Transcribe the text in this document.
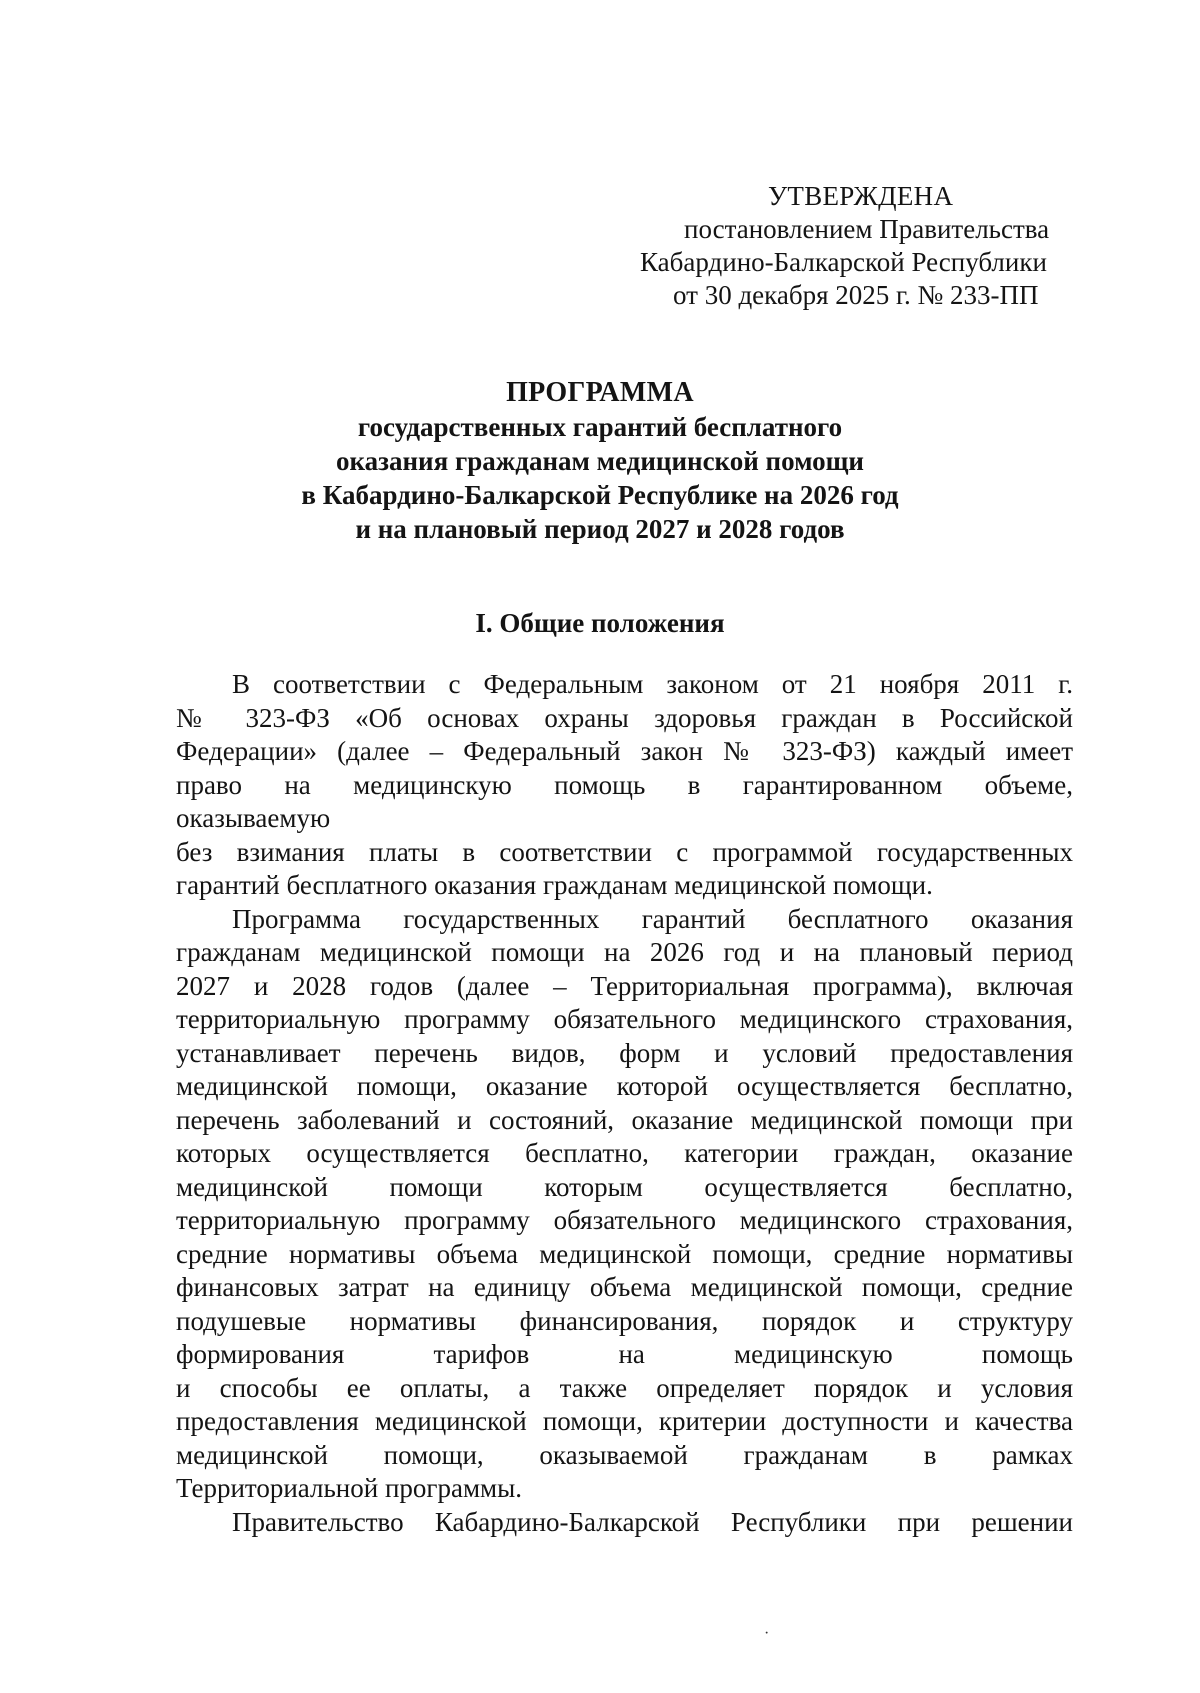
УТВЕРЖДЕНА
постановлением Правительства
Кабардино-Балкарской Республики
от 30 декабря 2025 г. № 233-ПП
ПРОГРАММА
государственных гарантий бесплатного
оказания гражданам медицинской помощи
в Кабардино-Балкарской Республике на 2026 год
и на плановый период 2027 и 2028 годов
I. Общие положения
В соответствии с Федеральным законом от 21 ноября 2011 г.
№ 323-ФЗ «Об основах охраны здоровья граждан в Российской
Федерации» (далее – Федеральный закон № 323-ФЗ) каждый имеет
право на медицинскую помощь в гарантированном объеме,
оказываемую
без взимания платы в соответствии с программой государственных
гарантий бесплатного оказания гражданам медицинской помощи.
Программа государственных гарантий бесплатного оказания
гражданам медицинской помощи на 2026 год и на плановый период
2027 и 2028 годов (далее – Территориальная программа), включая
территориальную программу обязательного медицинского страхования,
устанавливает перечень видов, форм и условий предоставления
медицинской помощи, оказание которой осуществляется бесплатно,
перечень заболеваний и состояний, оказание медицинской помощи при
которых осуществляется бесплатно, категории граждан, оказание
медицинской помощи которым осуществляется бесплатно,
территориальную программу обязательного медицинского страхования,
средние нормативы объема медицинской помощи, средние нормативы
финансовых затрат на единицу объема медицинской помощи, средние
подушевые нормативы финансирования, порядок и структуру
формирования тарифов на медицинскую помощь
и способы ее оплаты, а также определяет порядок и условия
предоставления медицинской помощи, критерии доступности и качества
медицинской помощи, оказываемой гражданам в рамках
Территориальной программы.
Правительство Кабардино-Балкарской Республики при решении
·
